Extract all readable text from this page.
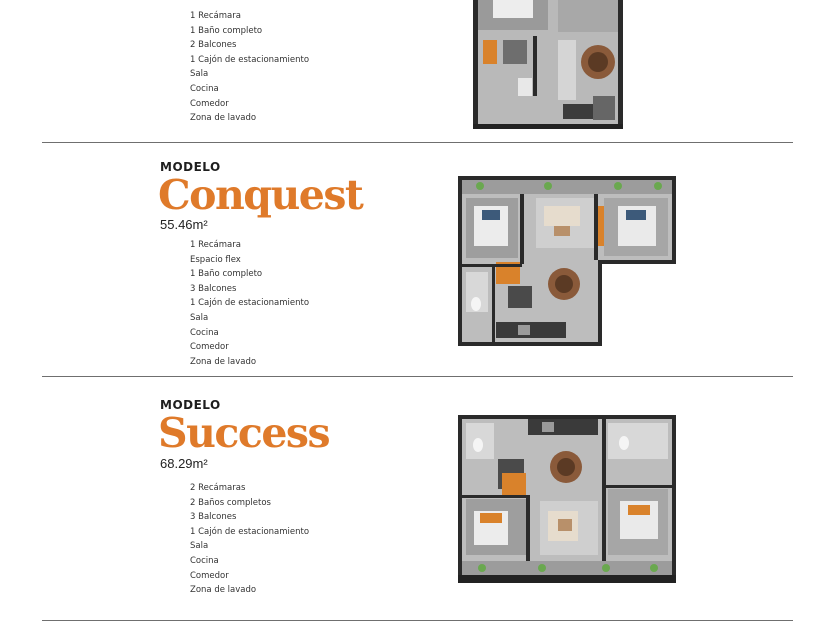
1 Recámara
1 Baño completo
2 Balcones
1 Cajón de estacionamiento
Sala
Cocina
Comedor
Zona de lavado
MODELO
Conquest
55.46m²
1 Recámara
Espacio flex
1 Baño completo
3 Balcones
1 Cajón de estacionamiento
Sala
Cocina
Comedor
Zona de lavado
MODELO
Success
68.29m²
2 Recámaras
2 Baños completos
3 Balcones
1 Cajón de estacionamiento
Sala
Cocina
Comedor
Zona de lavado
